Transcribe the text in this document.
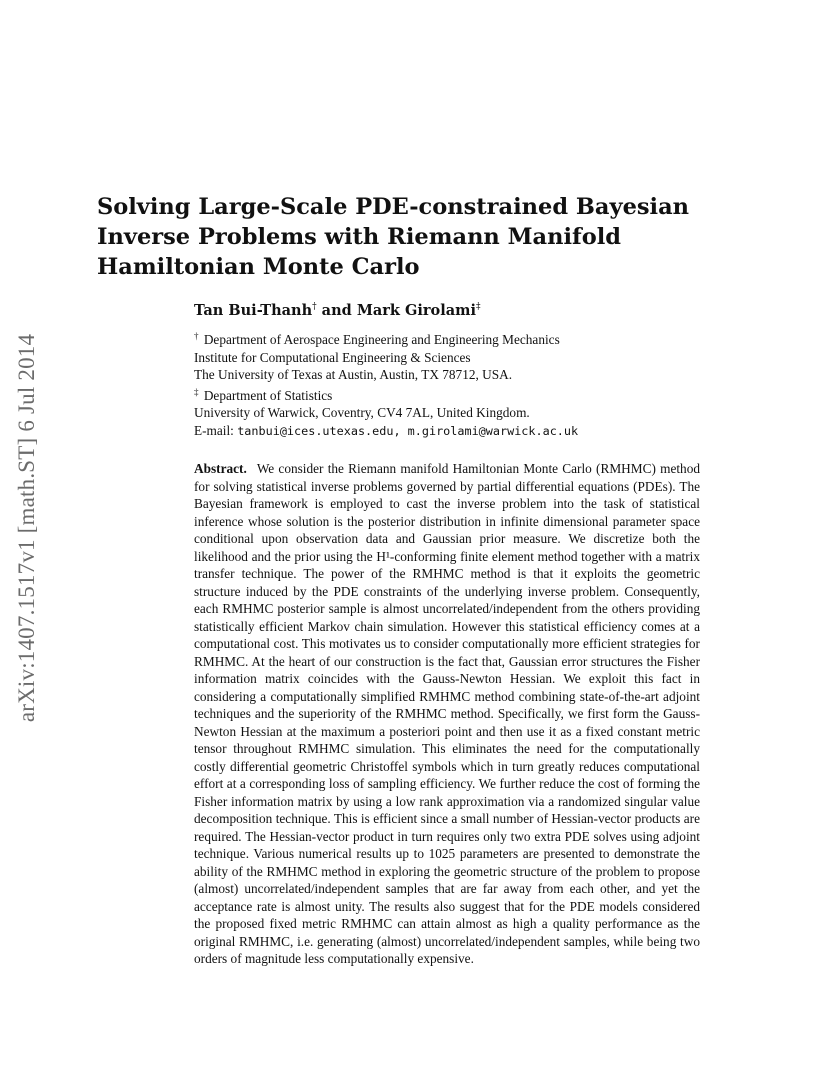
arXiv:1407.1517v1 [math.ST] 6 Jul 2014
Solving Large-Scale PDE-constrained Bayesian
Inverse Problems with Riemann Manifold
Hamiltonian Monte Carlo
Tan Bui-Thanh† and Mark Girolami‡
† Department of Aerospace Engineering and Engineering Mechanics
Institute for Computational Engineering & Sciences
The University of Texas at Austin, Austin, TX 78712, USA.
‡ Department of Statistics
University of Warwick, Coventry, CV4 7AL, United Kingdom.
E-mail: tanbui@ices.utexas.edu, m.girolami@warwick.ac.uk
Abstract. We consider the Riemann manifold Hamiltonian Monte Carlo (RMHMC) method for solving statistical inverse problems governed by partial differential equations (PDEs). The Bayesian framework is employed to cast the inverse problem into the task of statistical inference whose solution is the posterior distribution in infinite dimensional parameter space conditional upon observation data and Gaussian prior measure. We discretize both the likelihood and the prior using the H¹-conforming finite element method together with a matrix transfer technique. The power of the RMHMC method is that it exploits the geometric structure induced by the PDE constraints of the underlying inverse problem. Consequently, each RMHMC posterior sample is almost uncorrelated/independent from the others providing statistically efficient Markov chain simulation. However this statistical efficiency comes at a computational cost. This motivates us to consider computationally more efficient strategies for RMHMC. At the heart of our construction is the fact that, Gaussian error structures the Fisher information matrix coincides with the Gauss-Newton Hessian. We exploit this fact in considering a computationally simplified RMHMC method combining state-of-the-art adjoint techniques and the superiority of the RMHMC method. Specifically, we first form the Gauss-Newton Hessian at the maximum a posteriori point and then use it as a fixed constant metric tensor throughout RMHMC simulation. This eliminates the need for the computationally costly differential geometric Christoffel symbols which in turn greatly reduces computational effort at a corresponding loss of sampling efficiency. We further reduce the cost of forming the Fisher information matrix by using a low rank approximation via a randomized singular value decomposition technique. This is efficient since a small number of Hessian-vector products are required. The Hessian-vector product in turn requires only two extra PDE solves using adjoint technique. Various numerical results up to 1025 parameters are presented to demonstrate the ability of the RMHMC method in exploring the geometric structure of the problem to propose (almost) uncorrelated/independent samples that are far away from each other, and yet the acceptance rate is almost unity. The results also suggest that for the PDE models considered the proposed fixed metric RMHMC can attain almost as high a quality performance as the original RMHMC, i.e. generating (almost) uncorrelated/independent samples, while being two orders of magnitude less computationally expensive.
